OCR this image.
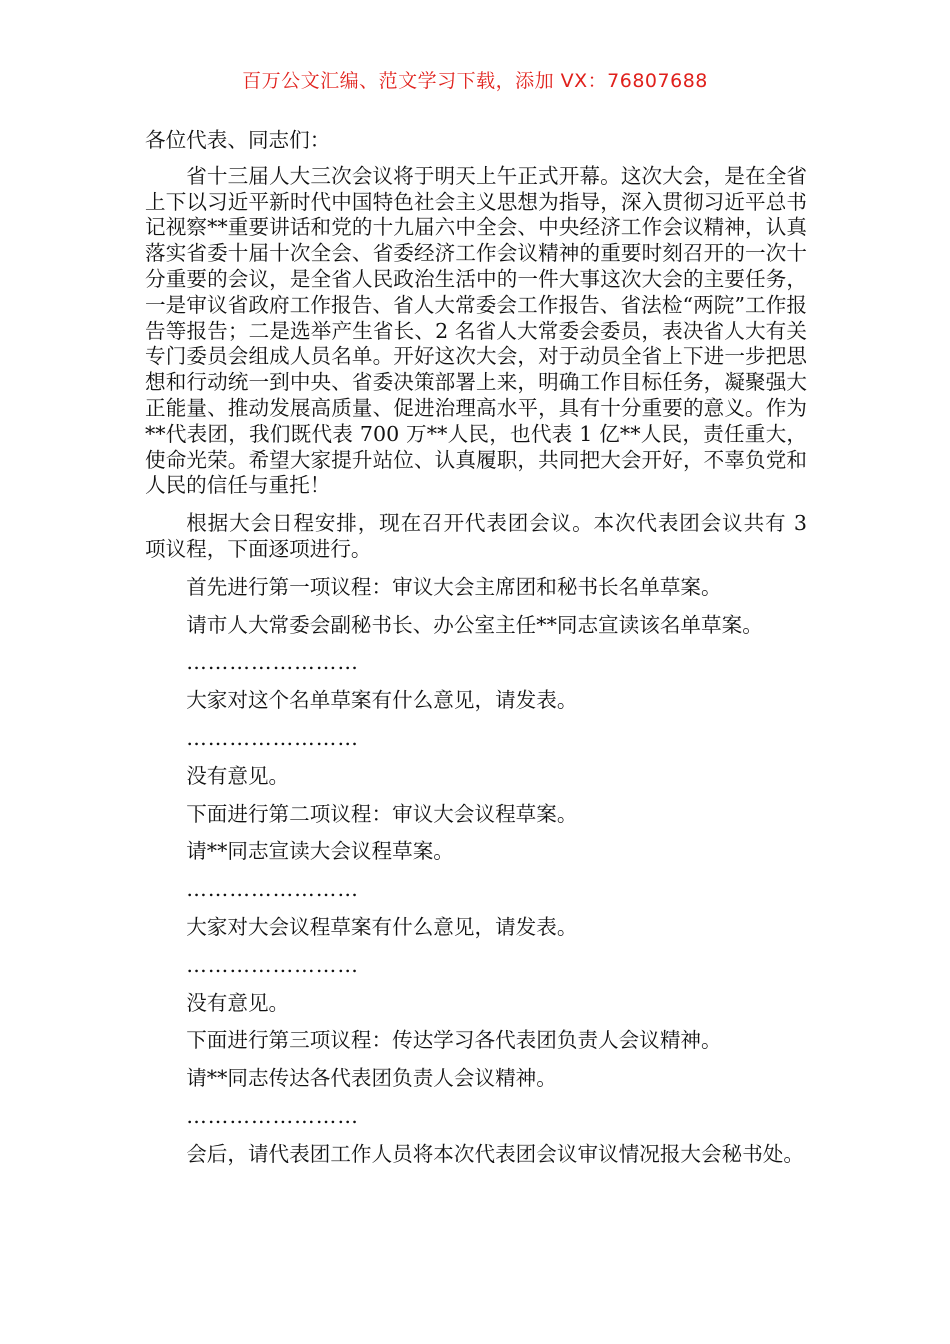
百万公文汇编、范文学习下载，添加 VX：76807688

各位代表、同志们：

省十三届人大三次会议将于明天上午正式开幕。这次大会，是在全省上下以习近平新时代中国特色社会主义思想为指导，深入贯彻习近平总书记视察**重要讲话和党的十九届六中全会、中央经济工作会议精神，认真落实省委十届十次全会、省委经济工作会议精神的重要时刻召开的一次十分重要的会议，是全省人民政治生活中的一件大事这次大会的主要任务，一是审议省政府工作报告、省人大常委会工作报告、省法检“两院”工作报告等报告；二是选举产生省长、2 名省人大常委会委员，表决省人大有关专门委员会组成人员名单。开好这次大会，对于动员全省上下进一步把思想和行动统一到中央、省委决策部署上来，明确工作目标任务，凝聚强大正能量、推动发展高质量、促进治理高水平，具有十分重要的意义。作为**代表团，我们既代表 700 万**人民，也代表 1 亿**人民，责任重大，使命光荣。希望大家提升站位、认真履职，共同把大会开好，不辜负党和人民的信任与重托！

根据大会日程安排，现在召开代表团会议。本次代表团会议共有 3 项议程，下面逐项进行。

首先进行第一项议程：审议大会主席团和秘书长名单草案。

请市人大常委会副秘书长、办公室主任**同志宣读该名单草案。

……………………

大家对这个名单草案有什么意见，请发表。

……………………

没有意见。

下面进行第二项议程：审议大会议程草案。

请**同志宣读大会议程草案。

……………………

大家对大会议程草案有什么意见，请发表。

……………………

没有意见。

下面进行第三项议程：传达学习各代表团负责人会议精神。

请**同志传达各代表团负责人会议精神。

……………………

会后，请代表团工作人员将本次代表团会议审议情况报大会秘书处。
